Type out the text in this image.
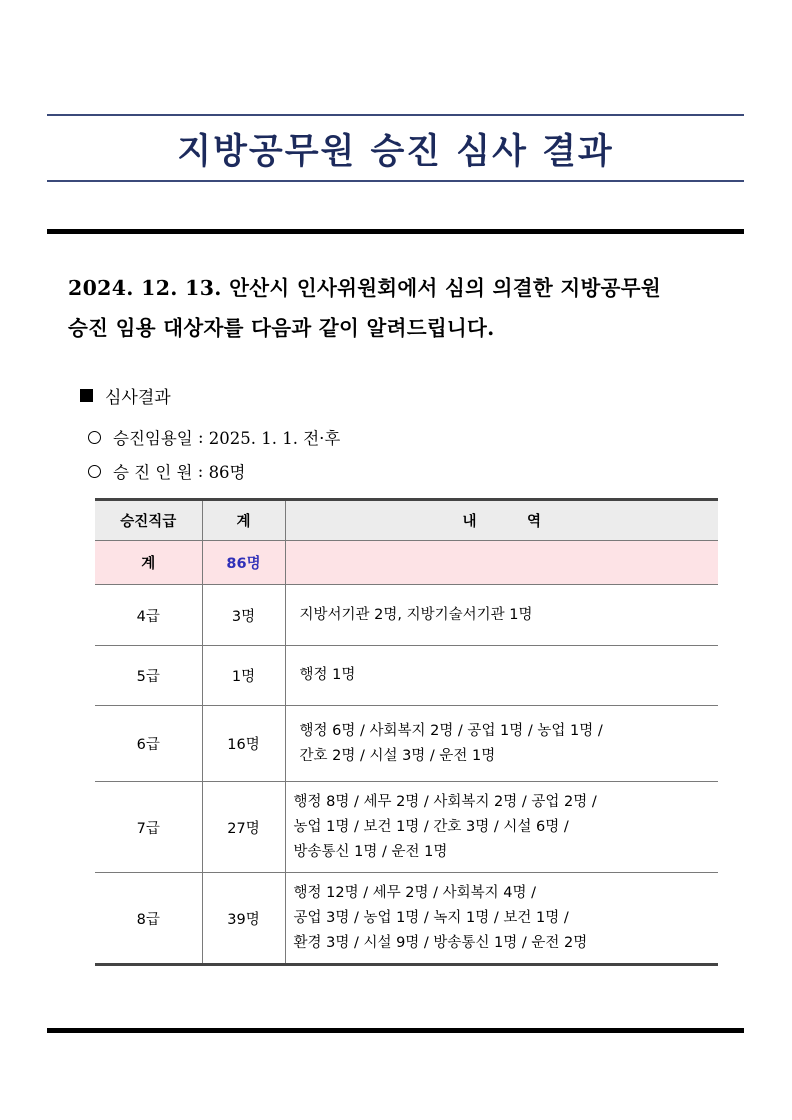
지방공무원 승진 심사 결과
2024. 12. 13. 안산시 인사위원회에서 심의 의결한 지방공무원
승진 임용 대상자를 다음과 같이 알려드립니다.
심사결과
승진임용일 : 2025. 1. 1. 전·후
승 진 인 원 : 86명
승진직급	계	내          역
계	86명	
4급	3명	지방서기관 2명, 지방기술서기관 1명

5급	1명	행정 1명

6급	16명	행정 6명 / 사회복지 2명 / 공업 1명 / 농업 1명 /
간호 2명 / 시설 3명 / 운전 1명

7급	27명	행정 8명 / 세무 2명 / 사회복지 2명 / 공업 2명 /
농업 1명 / 보건 1명 / 간호 3명 / 시설 6명 /
방송통신 1명 / 운전 1명

8급	39명	행정 12명 / 세무 2명 / 사회복지 4명 /
공업 3명 / 농업 1명 / 녹지 1명 / 보건 1명 /
환경 3명 / 시설 9명 / 방송통신 1명 / 운전 2명
